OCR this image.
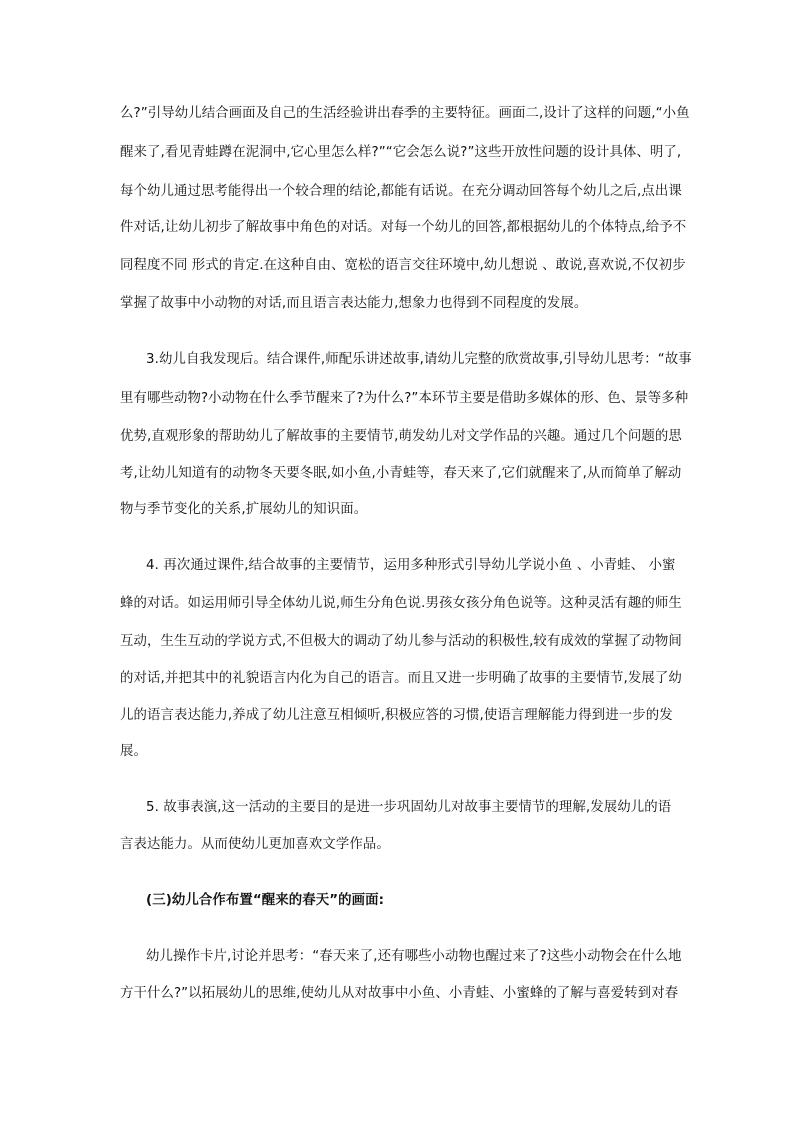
么?”引导幼儿结合画面及自己的生活经验讲出春季的主要特征。画面二,设计了这样的问题,“小鱼
醒来了,看见青蛙蹲在泥洞中,它心里怎么样?”“它会怎么说?”这些开放性问题的设计具体、明了,
每个幼儿通过思考能得出一个较合理的结论,都能有话说。在充分调动回答每个幼儿之后,点出课
件对话,让幼儿初步了解故事中角色的对话。对每一个幼儿的回答,都根据幼儿的个体特点,给予不
同程度不同 形式的肯定.在这种自由、宽松的语言交往环境中,幼儿想说 、敢说,喜欢说,不仅初步
掌握了故事中小动物的对话,而且语言表达能力,想象力也得到不同程度的发展。
3.幼儿自我发现后。结合课件,师配乐讲述故事,请幼儿完整的欣赏故事,引导幼儿思考：“故事
里有哪些动物?小动物在什么季节醒来了?为什么?”本环节主要是借助多媒体的形、色、景等多种
优势,直观形象的帮助幼儿了解故事的主要情节,萌发幼儿对文学作品的兴趣。通过几个问题的思
考,让幼儿知道有的动物冬天要冬眠,如小鱼,小青蛙等，春天来了,它们就醒来了,从而简单了解动
物与季节变化的关系,扩展幼儿的知识面。
4. 再次通过课件,结合故事的主要情节，运用多种形式引导幼儿学说小鱼 、小青蛙、 小蜜
蜂的对话。如运用师引导全体幼儿说,师生分角色说.男孩女孩分角色说等。这种灵活有趣的师生
互动，生生互动的学说方式,不但极大的调动了幼儿参与活动的积极性,较有成效的掌握了动物间
的对话,并把其中的礼貌语言内化为自己的语言。而且又进一步明确了故事的主要情节,发展了幼
儿的语言表达能力,养成了幼儿注意互相倾听,积极应答的习惯,使语言理解能力得到进一步的发
展。
5. 故事表演,这一活动的主要目的是进一步巩固幼儿对故事主要情节的理解,发展幼儿的语
言表达能力。从而使幼儿更加喜欢文学作品。
(三)幼儿合作布置“醒来的春天”的画面:
幼儿操作卡片,讨论并思考：“春天来了,还有哪些小动物也醒过来了?这些小动物会在什么地
方干什么?”以拓展幼儿的思维,使幼儿从对故事中小鱼、小青蛙、小蜜蜂的了解与喜爱转到对春
